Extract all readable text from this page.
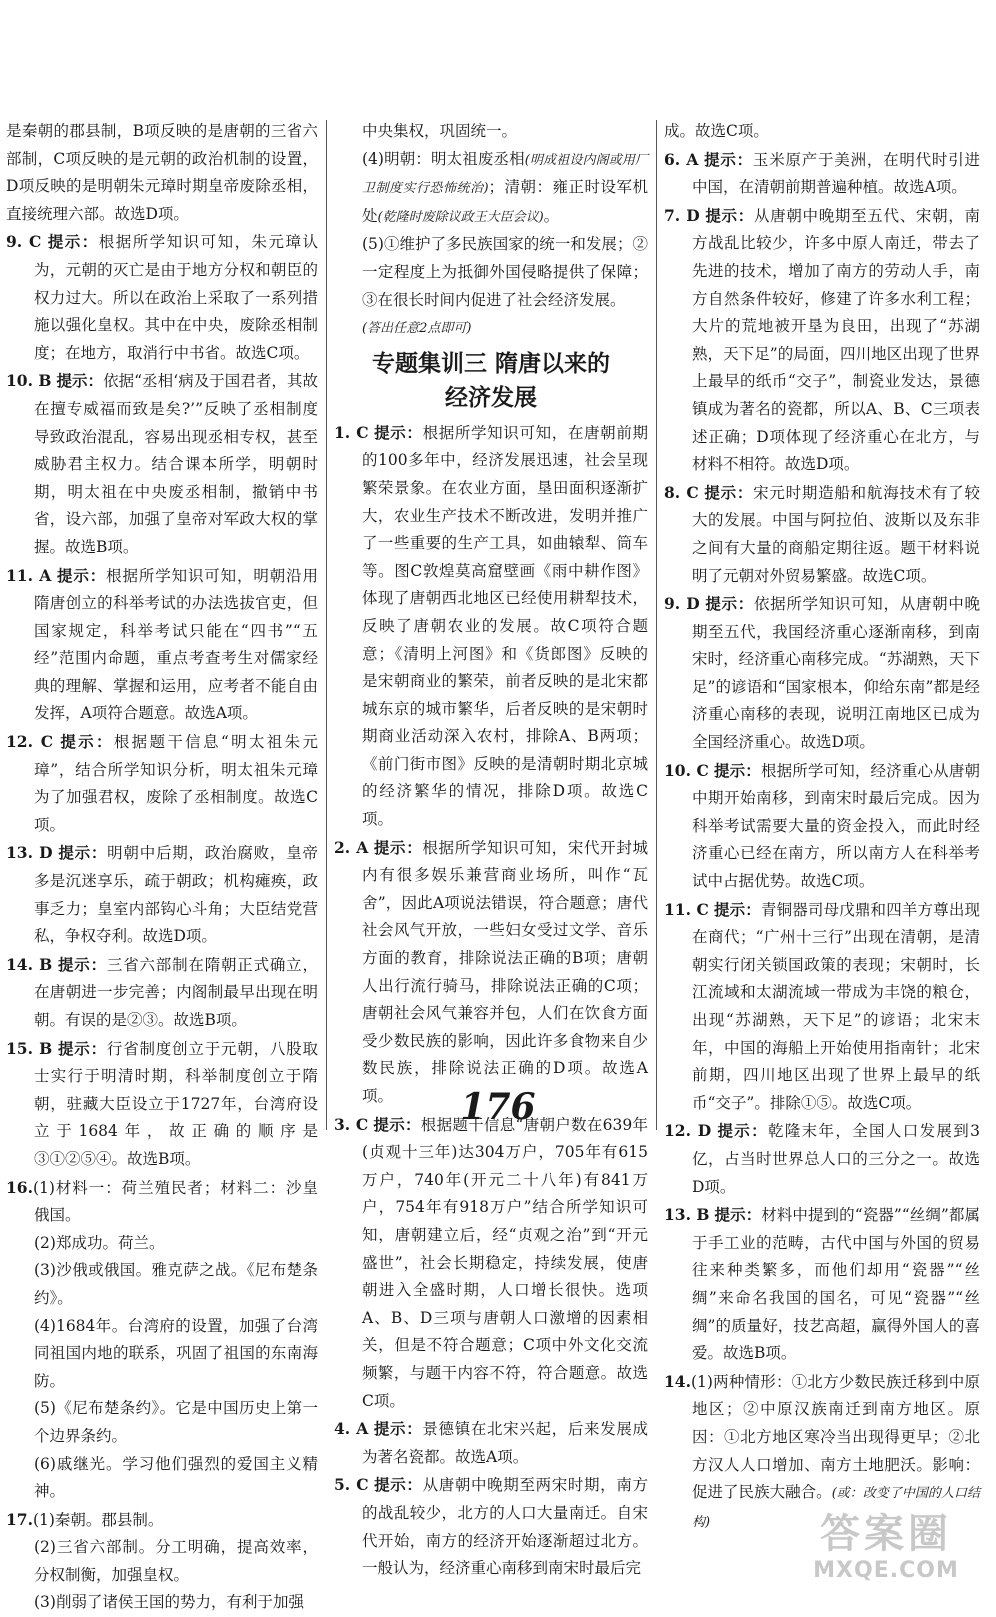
是秦朝的郡县制，B项反映的是唐朝的三省六部制，C项反映的是元朝的政治机制的设置，D项反映的是明朝朱元璋时期皇帝废除丞相，直接统理六部。故选D项。

9. C 提示：根据所学知识可知，朱元璋认为，元朝的灭亡是由于地方分权和朝臣的权力过大。所以在政治上采取了一系列措施以强化皇权。其中在中央，废除丞相制度；在地方，取消行中书省。故选C项。

10. B 提示：依据“丞相‘病及于国君者，其故在擅专威福而致是矣?’”反映了丞相制度导致政治混乱，容易出现丞相专权，甚至威胁君主权力。结合课本所学，明朝时期，明太祖在中央废丞相制，撤销中书省，设六部，加强了皇帝对军政大权的掌握。故选B项。

11. A 提示：根据所学知识可知，明朝沿用隋唐创立的科举考试的办法选拔官吏，但国家规定，科举考试只能在“四书”“五经”范围内命题，重点考查考生对儒家经典的理解、掌握和运用，应考者不能自由发挥，A项符合题意。故选A项。

12. C 提示：根据题干信息“明太祖朱元璋”，结合所学知识分析，明太祖朱元璋为了加强君权，废除了丞相制度。故选C项。

13. D 提示：明朝中后期，政治腐败，皇帝多是沉迷享乐，疏于朝政；机构瘫痪，政事乏力；皇室内部钩心斗角；大臣结党营私，争权夺利。故选D项。

14. B 提示：三省六部制在隋朝正式确立，在唐朝进一步完善；内阁制最早出现在明朝。有误的是②③。故选B项。

15. B 提示：行省制度创立于元朝，八股取士实行于明清时期，科举制度创立于隋朝，驻藏大臣设立于1727年，台湾府设立于1684年，故正确的顺序是③①②⑤④。故选B项。

16.(1)材料一：荷兰殖民者；材料二：沙皇俄国。

(2)郑成功。荷兰。

(3)沙俄或俄国。雅克萨之战。《尼布楚条约》。

(4)1684年。台湾府的设置，加强了台湾同祖国内地的联系，巩固了祖国的东南海防。

(5)《尼布楚条约》。它是中国历史上第一个边界条约。

(6)戚继光。学习他们强烈的爱国主义精神。

17.(1)秦朝。郡县制。

(2)三省六部制。分工明确，提高效率，分权制衡，加强皇权。

(3)削弱了诸侯王国的势力，有利于加强

中央集权，巩固统一。

(4)明朝：明太祖废丞相(明成祖设内阁或用厂卫制度实行恐怖统治)；清朝：雍正时设军机处(乾隆时废除议政王大臣会议)。

(5)①维护了多民族国家的统一和发展；②一定程度上为抵御外国侵略提供了保障；③在很长时间内促进了社会经济发展。
(答出任意2点即可)

专题集训三 隋唐以来的
经济发展

1. C 提示：根据所学知识可知，在唐朝前期的100多年中，经济发展迅速，社会呈现繁荣景象。在农业方面，垦田面积逐渐扩大，农业生产技术不断改进，发明并推广了一些重要的生产工具，如曲辕犁、筒车等。图C敦煌莫高窟壁画《雨中耕作图》体现了唐朝西北地区已经使用耕犁技术，反映了唐朝农业的发展。故C项符合题意；《清明上河图》和《货郎图》反映的是宋朝商业的繁荣，前者反映的是北宋都城东京的城市繁华，后者反映的是宋朝时期商业活动深入农村，排除A、B两项；《前门街市图》反映的是清朝时期北京城的经济繁华的情况，排除D项。故选C项。

2. A 提示：根据所学知识可知，宋代开封城内有很多娱乐兼营商业场所，叫作“瓦舍”，因此A项说法错误，符合题意；唐代社会风气开放，一些妇女受过文学、音乐方面的教育，排除说法正确的B项；唐朝人出行流行骑马，排除说法正确的C项；唐朝社会风气兼容并包，人们在饮食方面受少数民族的影响，因此许多食物来自少数民族，排除说法正确的D项。故选A项。

3. C 提示：根据题干信息“唐朝户数在639年(贞观十三年)达304万户，705年有615万户，740年(开元二十八年)有841万户，754年有918万户”结合所学知识可知，唐朝建立后，经“贞观之治”到“开元盛世”，社会长期稳定，持续发展，使唐朝进入全盛时期，人口增长很快。选项A、B、D三项与唐朝人口激增的因素相关，但是不符合题意；C项中外文化交流频繁，与题干内容不符，符合题意。故选C项。

4. A 提示：景德镇在北宋兴起，后来发展成为著名瓷都。故选A项。

5. C 提示：从唐朝中晚期至两宋时期，南方的战乱较少，北方的人口大量南迁。自宋代开始，南方的经济开始逐渐超过北方。一般认为，经济重心南移到南宋时最后完

成。故选C项。

6. A 提示：玉米原产于美洲，在明代时引进中国，在清朝前期普遍种植。故选A项。

7. D 提示：从唐朝中晚期至五代、宋朝，南方战乱比较少，许多中原人南迁，带去了先进的技术，增加了南方的劳动人手，南方自然条件较好，修建了许多水利工程；大片的荒地被开垦为良田，出现了“苏湖熟，天下足”的局面，四川地区出现了世界上最早的纸币“交子”，制瓷业发达，景德镇成为著名的瓷都，所以A、B、C三项表述正确；D项体现了经济重心在北方，与材料不相符。故选D项。

8. C 提示：宋元时期造船和航海技术有了较大的发展。中国与阿拉伯、波斯以及东非之间有大量的商船定期往返。题干材料说明了元朝对外贸易繁盛。故选C项。

9. D 提示：依据所学知识可知，从唐朝中晚期至五代，我国经济重心逐渐南移，到南宋时，经济重心南移完成。“苏湖熟，天下足”的谚语和“国家根本，仰给东南”都是经济重心南移的表现，说明江南地区已成为全国经济重心。故选D项。

10. C 提示：根据所学可知，经济重心从唐朝中期开始南移，到南宋时最后完成。因为科举考试需要大量的资金投入，而此时经济重心已经在南方，所以南方人在科举考试中占据优势。故选C项。

11. C 提示：青铜器司母戊鼎和四羊方尊出现在商代；“广州十三行”出现在清朝，是清朝实行闭关锁国政策的表现；宋朝时，长江流域和太湖流域一带成为丰饶的粮仓，出现“苏湖熟，天下足”的谚语；北宋末年，中国的海船上开始使用指南针；北宋前期，四川地区出现了世界上最早的纸币“交子”。排除①⑤。故选C项。

12. D 提示：乾隆末年，全国人口发展到3亿，占当时世界总人口的三分之一。故选D项。

13. B 提示：材料中提到的“瓷器”“丝绸”都属于手工业的范畴，古代中国与外国的贸易往来种类繁多，而他们却用“瓷器”“丝绸”来命名我国的国名，可见“瓷器”“丝绸”的质量好，技艺高超，赢得外国人的喜爱。故选B项。

14.(1)两种情形：①北方少数民族迁移到中原地区；②中原汉族南迁到南方地区。原因：①北方地区寒冷当出现得更早；②北方汉人人口增加、南方土地肥沃。影响：促进了民族大融合。(或：改变了中国的人口结构)

176
答案圈
MXQE.COM
